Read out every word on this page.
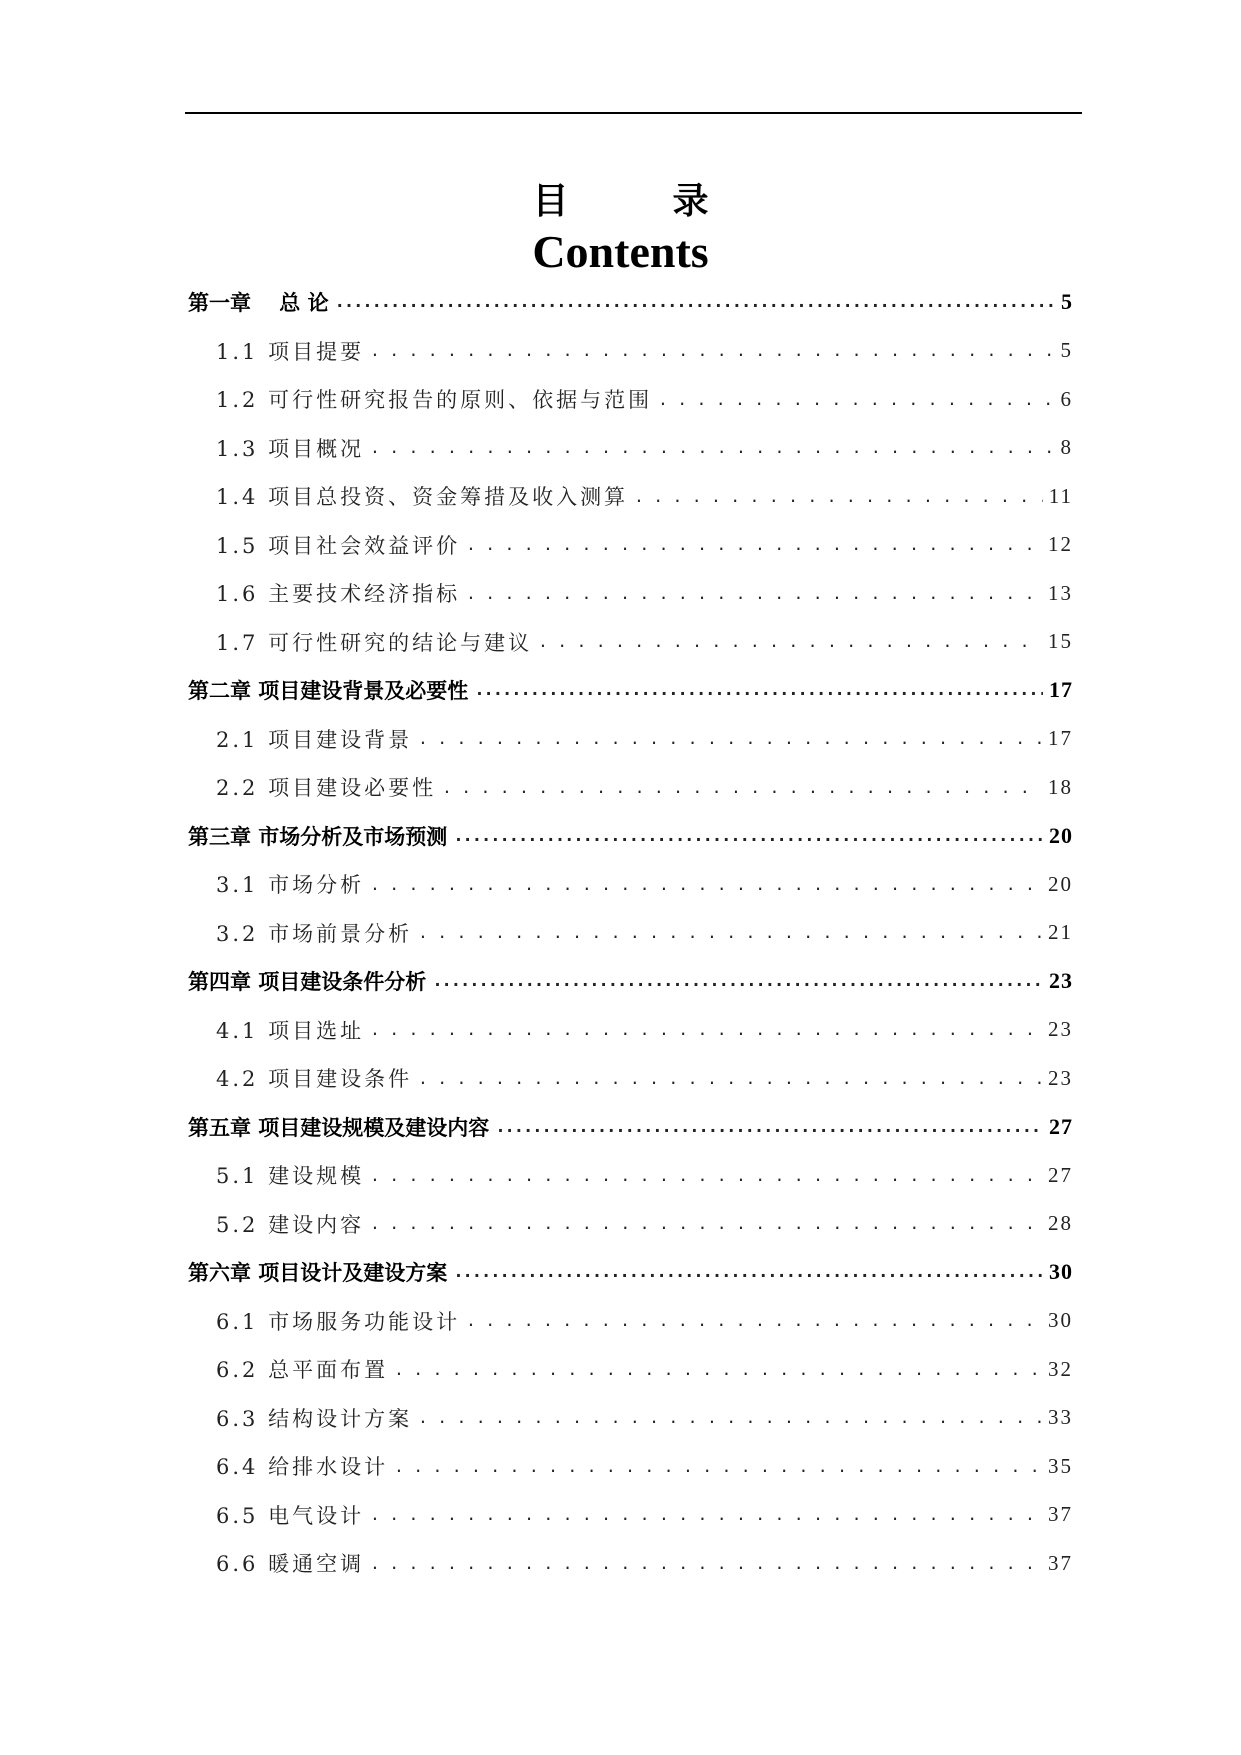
目　录
Contents
第一章　 总 论 .....	5
1.1 项目提要 . . .	5
1.2 可行性研究报告的原则、依据与范围 . . .	6
1.3 项目概况 . . .	8
1.4 项目总投资、资金筹措及收入测算 . . .	11
1.5 项目社会效益评价 . . .	12
1.6 主要技术经济指标 . . .	13
1.7 可行性研究的结论与建议 . . .	15
第二章 项目建设背景及必要性 .....	17
2.1 项目建设背景 . . .	17
2.2 项目建设必要性 . . .	18
第三章 市场分析及市场预测 .....	20
3.1 市场分析 . . .	20
3.2 市场前景分析 . . .	21
第四章 项目建设条件分析 .....	23
4.1 项目选址 . . .	23
4.2 项目建设条件 . . .	23
第五章 项目建设规模及建设内容 .....	27
5.1 建设规模 . . .	27
5.2 建设内容 . . .	28
第六章 项目设计及建设方案 .....	30
6.1 市场服务功能设计 . . .	30
6.2 总平面布置 . . .	32
6.3 结构设计方案 . . .	33
6.4 给排水设计 . . .	35
6.5 电气设计 . . .	37
6.6 暖通空调 . . .	37
